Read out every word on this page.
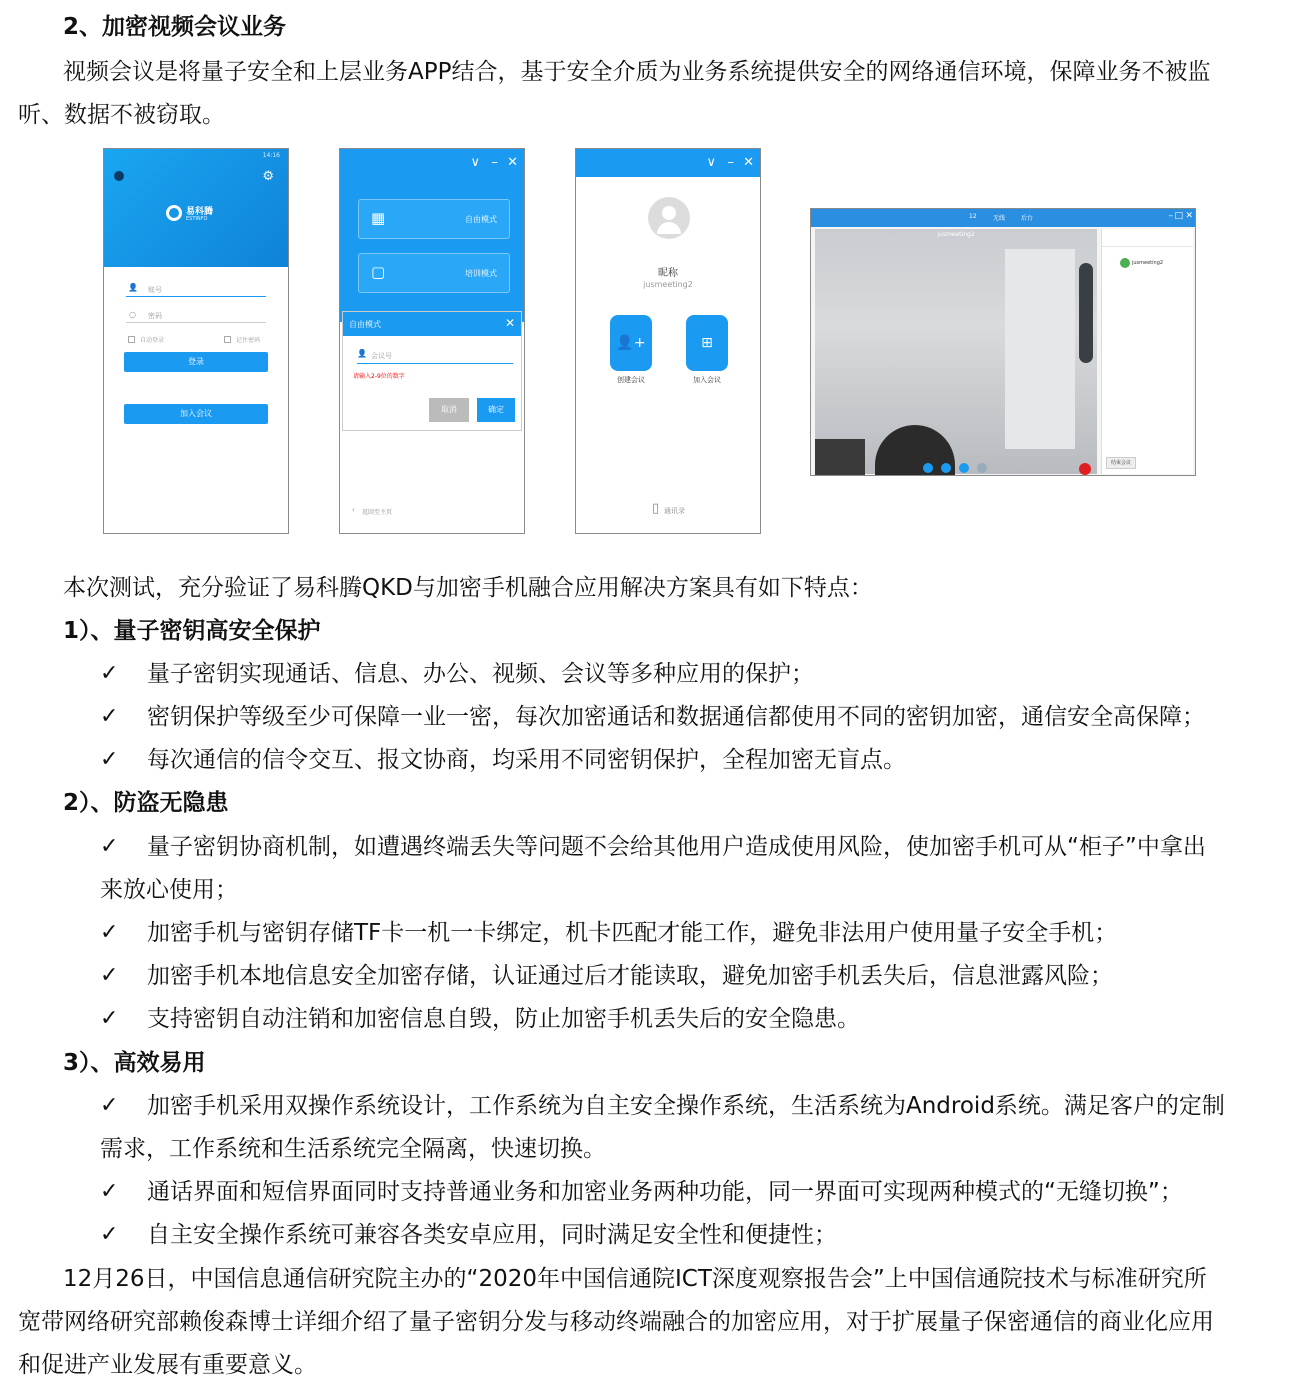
2、加密视频会议业务
视频会议是将量子安全和上层业务APP结合，基于安全介质为业务系统提供安全的网络通信环境，保障业务不被监
听、数据不被窃取。
14:16
⚙
易科腾
ESTINFO
👤 账号
○ 密码
自动登录	记住密码
登录
加入会议
∨ – ✕
▦	自由模式
▢	培训模式
自由模式	✕
👤 会议号
请输入2-9位的数字
取消	确定
‹ 返回至主页
∨ – ✕
昵称
jusmeeting2
👤+
创建会议
⊞
加入会议
▯ 通讯录
12	无线	后台	– □ ✕
jusmeeting2
jusmeeting2
结束会议
本次测试，充分验证了易科腾QKD与加密手机融合应用解决方案具有如下特点：
1）、量子密钥高安全保护
✓ 量子密钥实现通话、信息、办公、视频、会议等多种应用的保护；
✓ 密钥保护等级至少可保障一业一密，每次加密通话和数据通信都使用不同的密钥加密，通信安全高保障；
✓ 每次通信的信令交互、报文协商，均采用不同密钥保护，全程加密无盲点。
2）、防盗无隐患
✓ 量子密钥协商机制，如遭遇终端丢失等问题不会给其他用户造成使用风险，使加密手机可从“柜子”中拿出
来放心使用；
✓ 加密手机与密钥存储TF卡一机一卡绑定，机卡匹配才能工作，避免非法用户使用量子安全手机；
✓ 加密手机本地信息安全加密存储，认证通过后才能读取，避免加密手机丢失后，信息泄露风险；
✓ 支持密钥自动注销和加密信息自毁，防止加密手机丢失后的安全隐患。
3）、高效易用
✓ 加密手机采用双操作系统设计，工作系统为自主安全操作系统，生活系统为Android系统。满足客户的定制
需求，工作系统和生活系统完全隔离，快速切换。
✓ 通话界面和短信界面同时支持普通业务和加密业务两种功能，同一界面可实现两种模式的“无缝切换”；
✓ 自主安全操作系统可兼容各类安卓应用，同时满足安全性和便捷性；
12月26日，中国信息通信研究院主办的“2020年中国信通院ICT深度观察报告会”上中国信通院技术与标准研究所
宽带网络研究部赖俊森博士详细介绍了量子密钥分发与移动终端融合的加密应用，对于扩展量子保密通信的商业化应用
和促进产业发展有重要意义。
